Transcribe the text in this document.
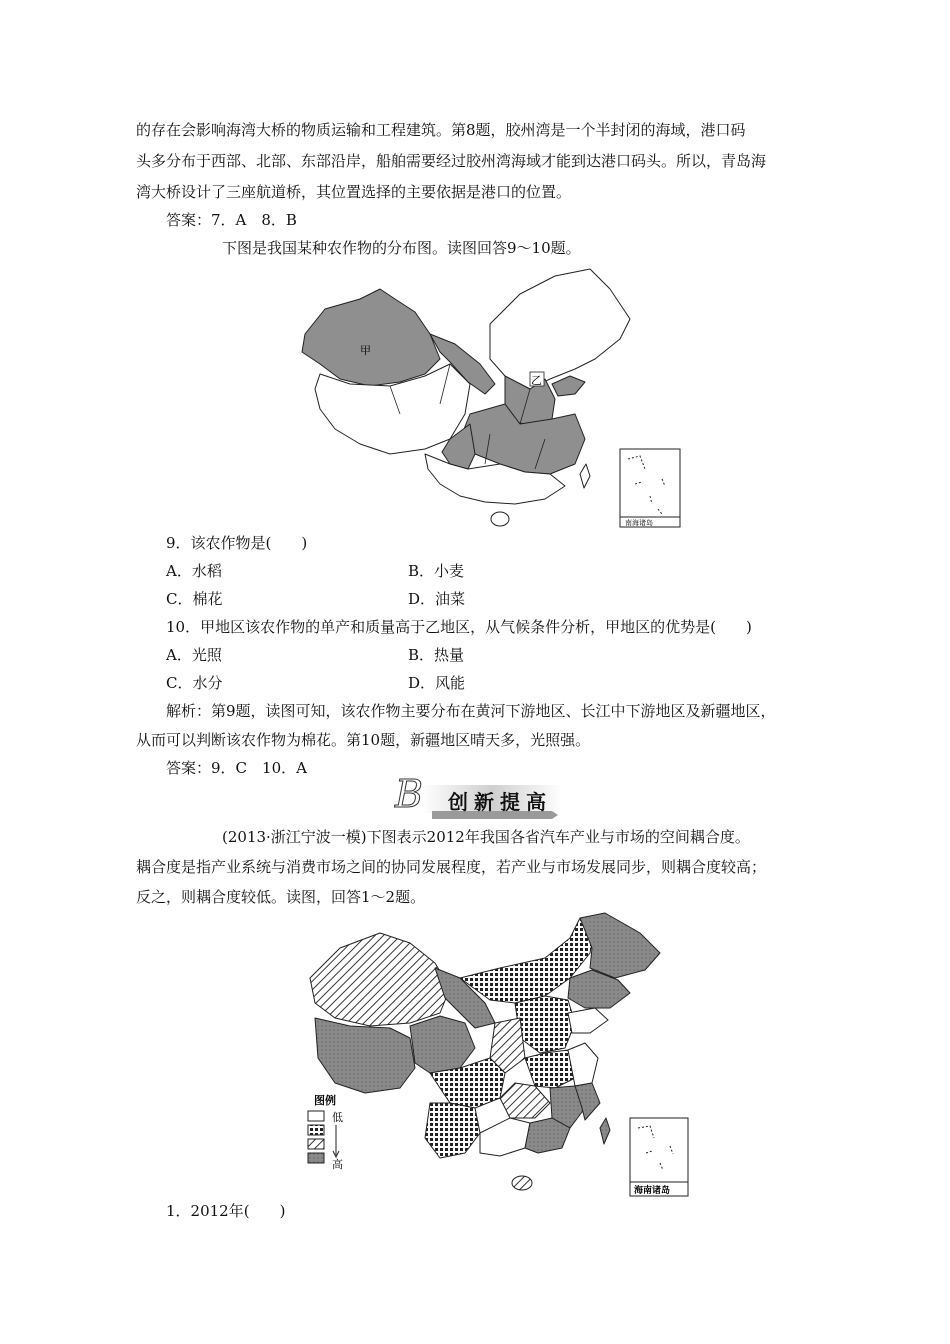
的存在会影响海湾大桥的物质运输和工程建筑。第8题，胶州湾是一个半封闭的海域，港口码
头多分布于西部、北部、东部沿岸，船舶需要经过胶州湾海域才能到达港口码头。所以，青岛海
湾大桥设计了三座航道桥，其位置选择的主要依据是港口的位置。
答案：7．A　8．B
下图是我国某种农作物的分布图。读图回答9～10题。
甲
乙
南海诸岛
9．该农作物是(　　)
A．水稻	B．小麦
C．棉花	D．油菜
10．甲地区该农作物的单产和质量高于乙地区，从气候条件分析，甲地区的优势是(　　)
A．光照	B．热量
C．水分	D．风能
解析：第9题，读图可知，该农作物主要分布在黄河下游地区、长江中下游地区及新疆地区，
从而可以判断该农作物为棉花。第10题，新疆地区晴天多，光照强。
答案：9．C　10．A
B 创新提高
(2013·浙江宁波一模)下图表示2012年我国各省汽车产业与市场的空间耦合度。
耦合度是指产业系统与消费市场之间的协同发展程度，若产业与市场发展同步，则耦合度较高；
反之，则耦合度较低。读图，回答1～2题。
图例
低
高
海南诸岛
1．2012年(　　)
